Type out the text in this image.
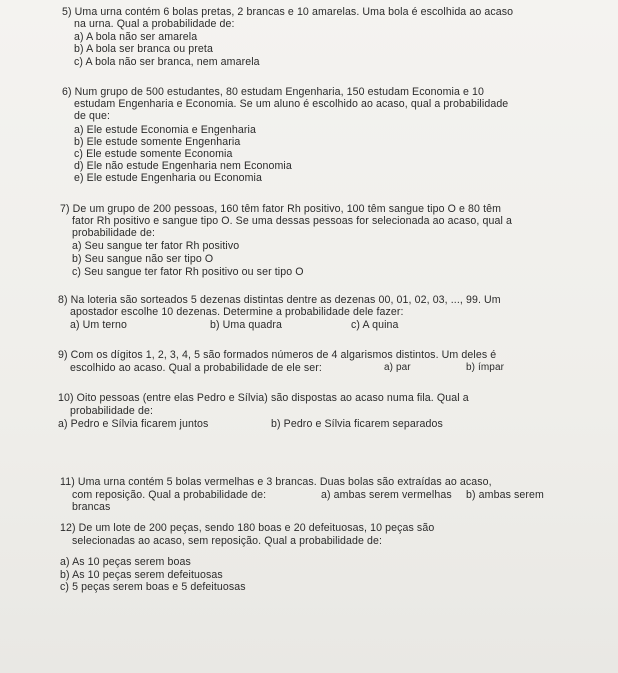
5) Uma urna contém 6 bolas pretas, 2 brancas e 10 amarelas. Uma bola é escolhida ao acaso
na urna. Qual a probabilidade de:
a) A bola não ser amarela
b) A bola ser branca ou preta
c) A bola não ser branca, nem amarela
6) Num grupo de 500 estudantes, 80 estudam Engenharia, 150 estudam Economia e 10
estudam Engenharia e Economia. Se um aluno é escolhido ao acaso, qual a probabilidade
de que:
a) Ele estude Economia e Engenharia
b) Ele estude somente Engenharia
c) Ele estude somente Economia
d) Ele não estude Engenharia nem Economia
e) Ele estude Engenharia ou Economia
7) De um grupo de 200 pessoas, 160 têm fator Rh positivo, 100 têm sangue tipo O e 80 têm
fator Rh positivo e sangue tipo O. Se uma dessas pessoas for selecionada ao acaso, qual a
probabilidade de:
a) Seu sangue ter fator Rh positivo
b) Seu sangue não ser tipo O
c) Seu sangue ter fator Rh positivo ou ser tipo O
8) Na loteria são sorteados 5 dezenas distintas dentre as dezenas 00, 01, 02, 03, ..., 99. Um
apostador escolhe 10 dezenas. Determine a probabilidade dele fazer:
a) Um terno	b) Uma quadra	c) A quina
9) Com os dígitos 1, 2, 3, 4, 5 são formados números de 4 algarismos distintos. Um deles é
escolhido ao acaso. Qual a probabilidade de ele ser:	a) par	b) ímpar
10) Oito pessoas (entre elas Pedro e Sílvia) são dispostas ao acaso numa fila. Qual a
probabilidade de:
a) Pedro e Sílvia ficarem juntos	b) Pedro e Sílvia ficarem separados
11) Uma urna contém 5 bolas vermelhas e 3 brancas. Duas bolas são extraídas ao acaso,
com reposição. Qual a probabilidade de:	a) ambas serem vermelhas b) ambas serem
brancas
12) De um lote de 200 peças, sendo 180 boas e 20 defeituosas, 10 peças são
selecionadas ao acaso, sem reposição. Qual a probabilidade de:
a) As 10 peças serem boas
b) As 10 peças serem defeituosas
c) 5 peças serem boas e 5 defeituosas
